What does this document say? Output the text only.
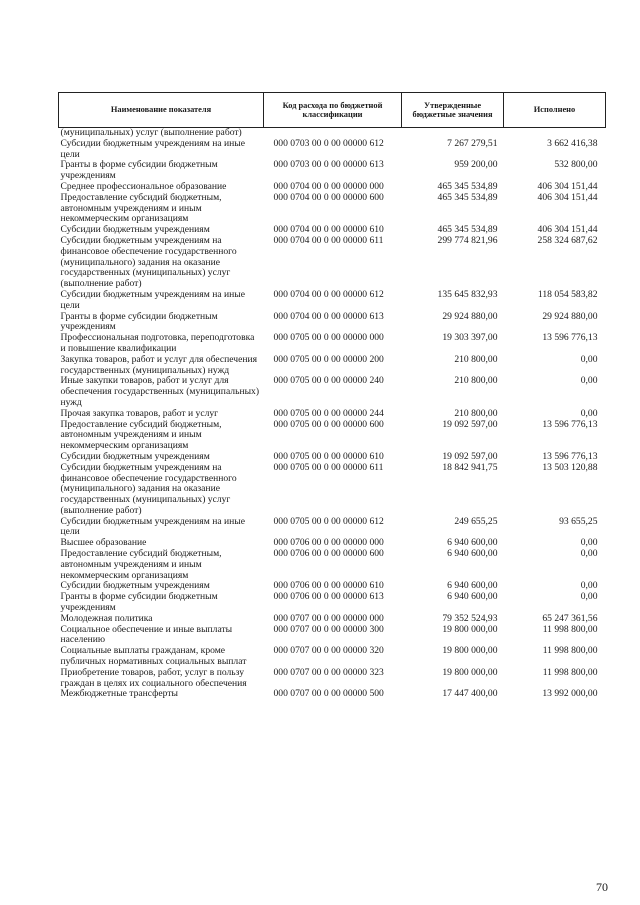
Наименование показателя	Код расхода по бюджетной классификации	Утвержденные бюджетные значения	Исполнено
(муниципальных) услуг (выполнение работ)			
Субсидии бюджетным учреждениям на иные цели	000 0703 00 0 00 00000 612	7 267 279,51	3 662 416,38
Гранты в форме субсидии бюджетным учреждениям	000 0703 00 0 00 00000 613	959 200,00	532 800,00
Среднее профессиональное образование	000 0704 00 0 00 00000 000	465 345 534,89	406 304 151,44
Предоставление субсидий бюджетным, автономным учреждениям и иным некоммерческим организациям	000 0704 00 0 00 00000 600	465 345 534,89	406 304 151,44
Субсидии бюджетным учреждениям	000 0704 00 0 00 00000 610	465 345 534,89	406 304 151,44
Субсидии бюджетным учреждениям на финансовое обеспечение государственного (муниципального) задания на оказание государственных (муниципальных) услуг (выполнение работ)	000 0704 00 0 00 00000 611	299 774 821,96	258 324 687,62
Субсидии бюджетным учреждениям на иные цели	000 0704 00 0 00 00000 612	135 645 832,93	118 054 583,82
Гранты в форме субсидии бюджетным учреждениям	000 0704 00 0 00 00000 613	29 924 880,00	29 924 880,00
Профессиональная подготовка, переподготовка и повышение квалификации	000 0705 00 0 00 00000 000	19 303 397,00	13 596 776,13
Закупка товаров, работ и услуг для обеспечения государственных (муниципальных) нужд	000 0705 00 0 00 00000 200	210 800,00	0,00
Иные закупки товаров, работ и услуг для обеспечения государственных (муниципальных) нужд	000 0705 00 0 00 00000 240	210 800,00	0,00
Прочая закупка товаров, работ и услуг	000 0705 00 0 00 00000 244	210 800,00	0,00
Предоставление субсидий бюджетным, автономным учреждениям и иным некоммерческим организациям	000 0705 00 0 00 00000 600	19 092 597,00	13 596 776,13
Субсидии бюджетным учреждениям	000 0705 00 0 00 00000 610	19 092 597,00	13 596 776,13
Субсидии бюджетным учреждениям на финансовое обеспечение государственного (муниципального) задания на оказание государственных (муниципальных) услуг (выполнение работ)	000 0705 00 0 00 00000 611	18 842 941,75	13 503 120,88
Субсидии бюджетным учреждениям на иные цели	000 0705 00 0 00 00000 612	249 655,25	93 655,25
Высшее образование	000 0706 00 0 00 00000 000	6 940 600,00	0,00
Предоставление субсидий бюджетным, автономным учреждениям и иным некоммерческим организациям	000 0706 00 0 00 00000 600	6 940 600,00	0,00
Субсидии бюджетным учреждениям	000 0706 00 0 00 00000 610	6 940 600,00	0,00
Гранты в форме субсидии бюджетным учреждениям	000 0706 00 0 00 00000 613	6 940 600,00	0,00
Молодежная политика	000 0707 00 0 00 00000 000	79 352 524,93	65 247 361,56
Социальное обеспечение и иные выплаты населению	000 0707 00 0 00 00000 300	19 800 000,00	11 998 800,00
Социальные выплаты гражданам, кроме публичных нормативных социальных выплат	000 0707 00 0 00 00000 320	19 800 000,00	11 998 800,00
Приобретение товаров, работ, услуг в пользу граждан в целях их социального обеспечения	000 0707 00 0 00 00000 323	19 800 000,00	11 998 800,00
Межбюджетные трансферты	000 0707 00 0 00 00000 500	17 447 400,00	13 992 000,00
70
